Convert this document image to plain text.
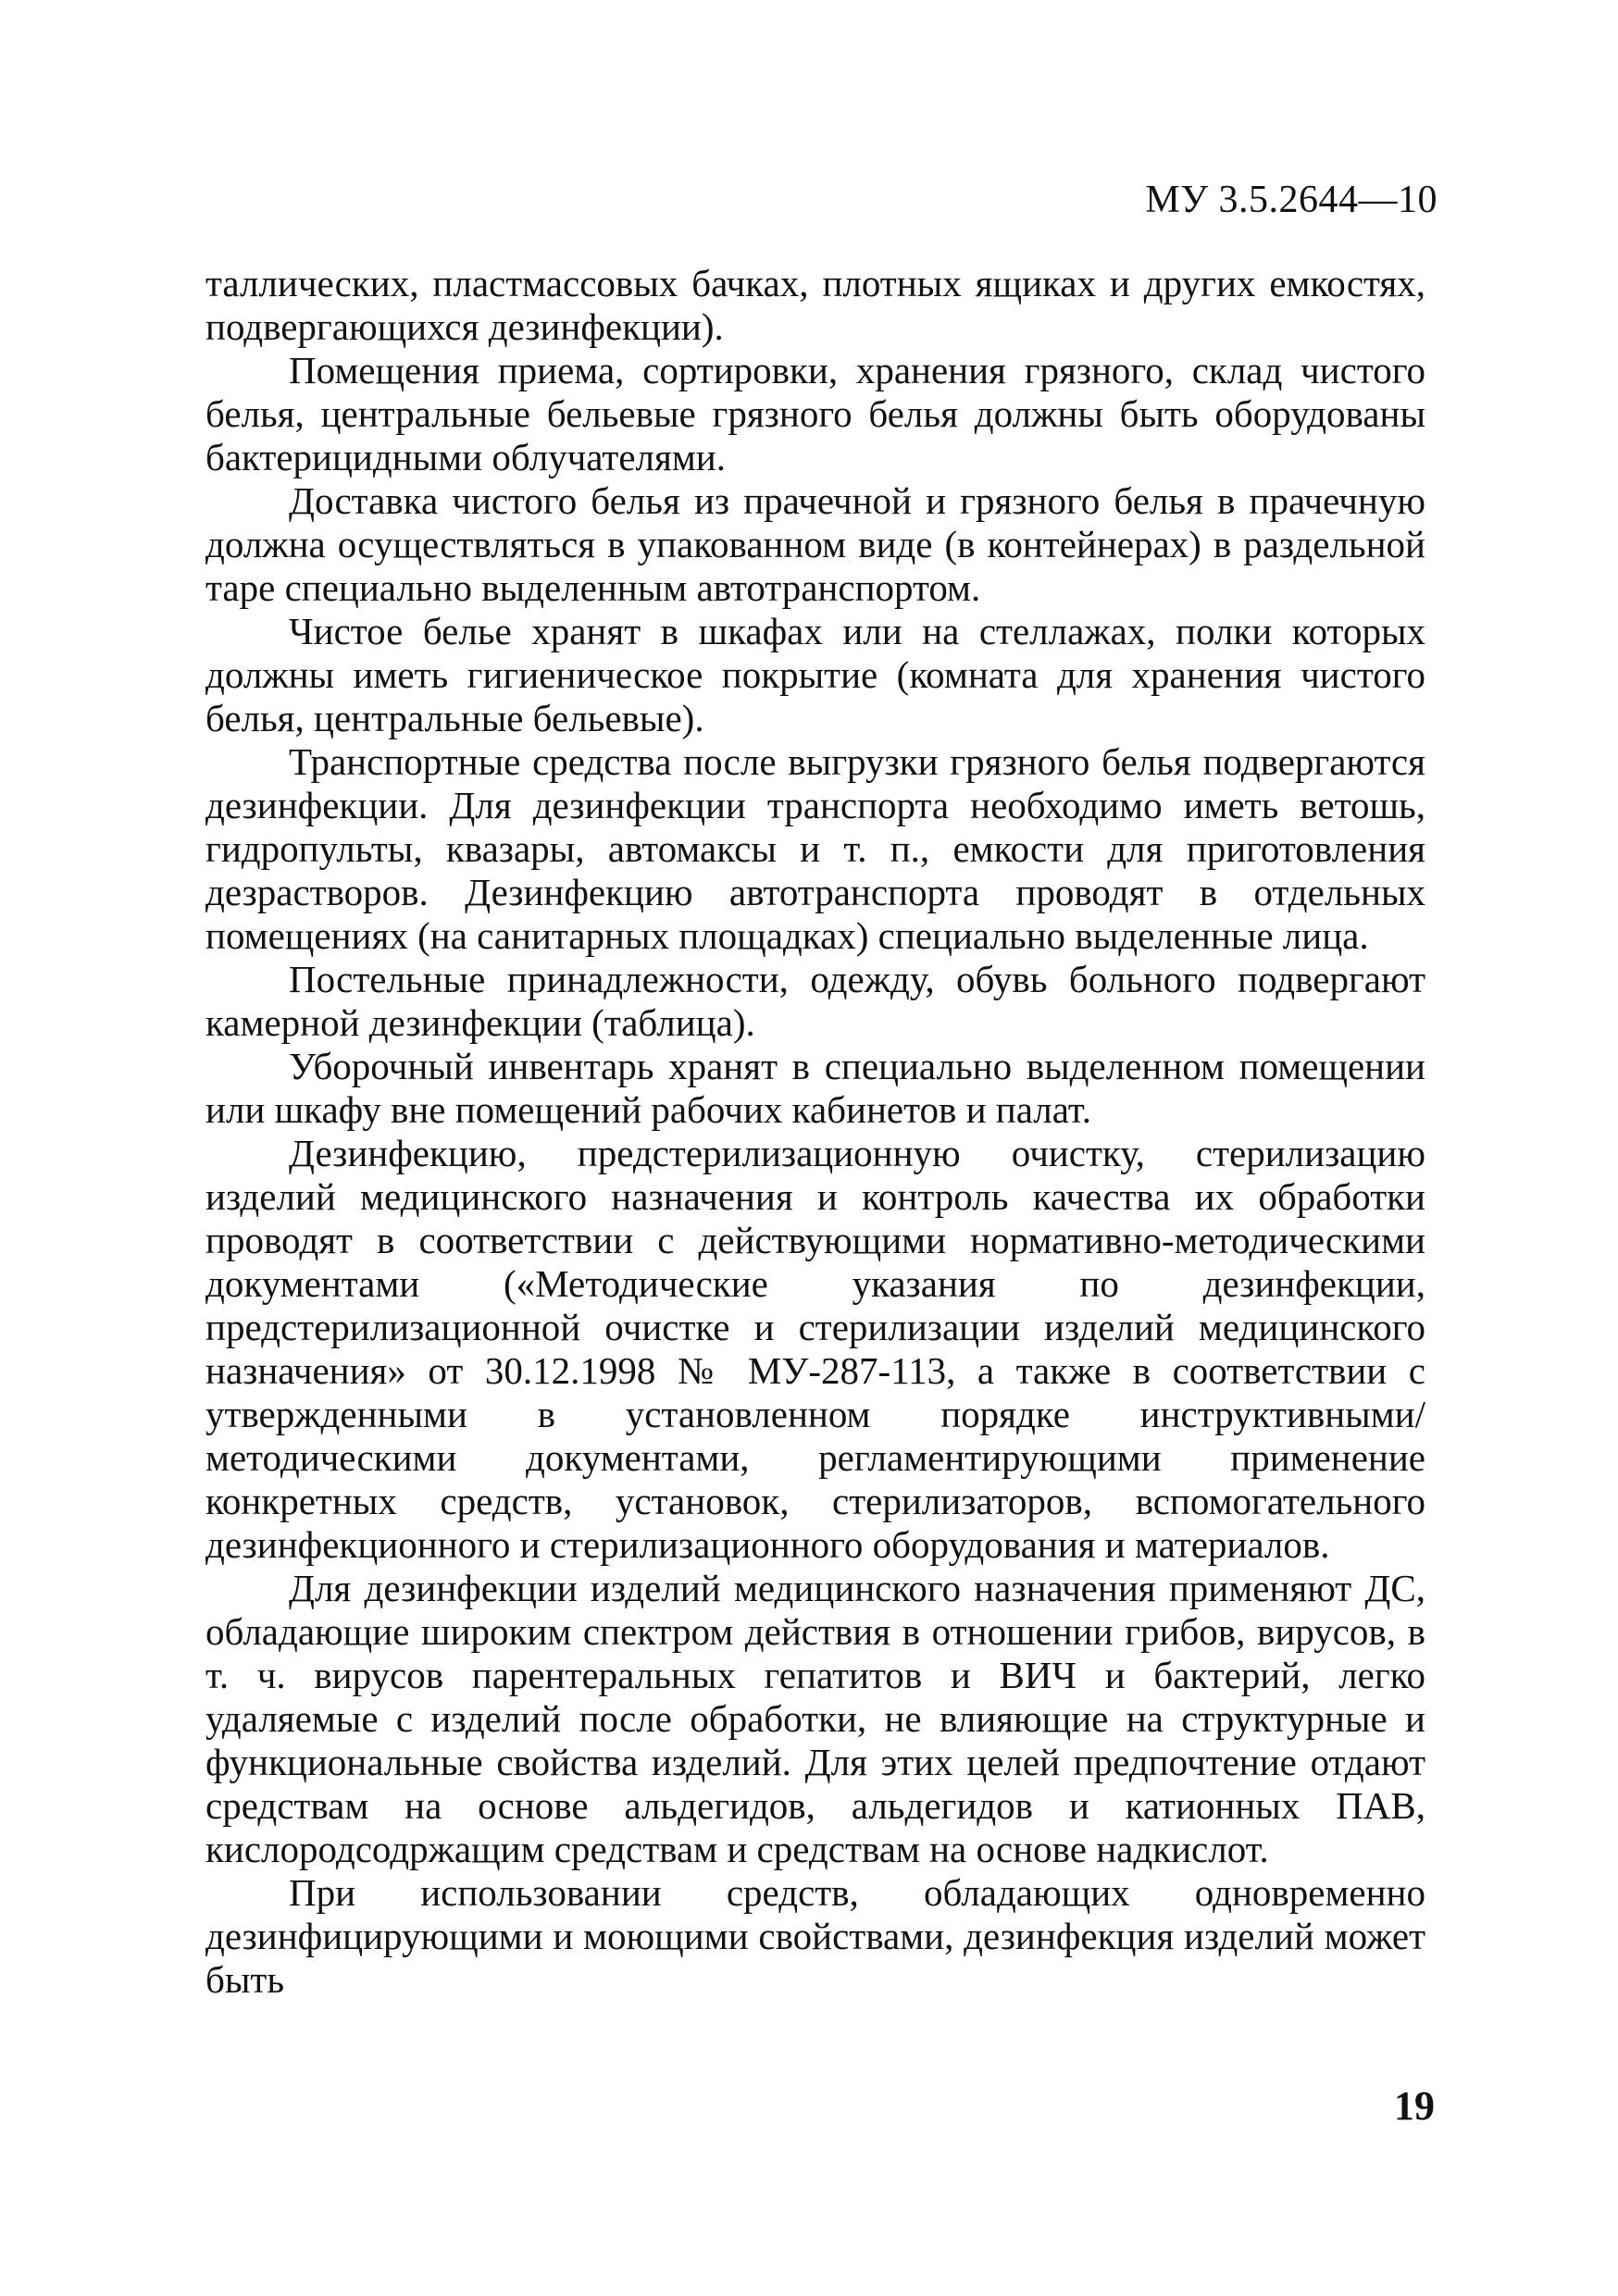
МУ 3.5.2644—10

таллических, пластмассовых бачках, плотных ящиках и других емкостях, подвергающихся дезинфекции).

Помещения приема, сортировки, хранения грязного, склад чистого белья, центральные бельевые грязного белья должны быть оборудованы бактерицидными облучателями.

Доставка чистого белья из прачечной и грязного белья в прачечную должна осуществляться в упакованном виде (в контейнерах) в раздельной таре специально выделенным автотранспортом.

Чистое белье хранят в шкафах или на стеллажах, полки которых должны иметь гигиеническое покрытие (комната для хранения чистого белья, центральные бельевые).

Транспортные средства после выгрузки грязного белья подвергаются дезинфекции. Для дезинфекции транспорта необходимо иметь ветошь, гидропульты, квазары, автомаксы и т. п., емкости для приготовления дезрастворов. Дезинфекцию автотранспорта проводят в отдельных помещениях (на санитарных площадках) специально выделенные лица.

Постельные принадлежности, одежду, обувь больного подвергают камерной дезинфекции (таблица).

Уборочный инвентарь хранят в специально выделенном помещении или шкафу вне помещений рабочих кабинетов и палат.

Дезинфекцию, предстерилизационную очистку, стерилизацию изделий медицинского назначения и контроль качества их обработки проводят в соответствии с действующими нормативно-методическими документами («Методические указания по дезинфекции, предстерилизационной очистке и стерилизации изделий медицинского назначения» от 30.12.1998 № МУ-287-113, а также в соответствии с утвержденными в установленном порядке инструктивными/методическими документами, регламентирующими применение конкретных средств, установок, стерилизаторов, вспомогательного дезинфекционного и стерилизационного оборудования и материалов.

Для дезинфекции изделий медицинского назначения применяют ДС, обладающие широким спектром действия в отношении грибов, вирусов, в т. ч. вирусов парентеральных гепатитов и ВИЧ и бактерий, легко удаляемые с изделий после обработки, не влияющие на структурные и функциональные свойства изделий. Для этих целей предпочтение отдают средствам на основе альдегидов, альдегидов и катионных ПАВ, кислородсодржащим средствам и средствам на основе надкислот.

При использовании средств, обладающих одновременно дезинфицирующими и моющими свойствами, дезинфекция изделий может быть

19
